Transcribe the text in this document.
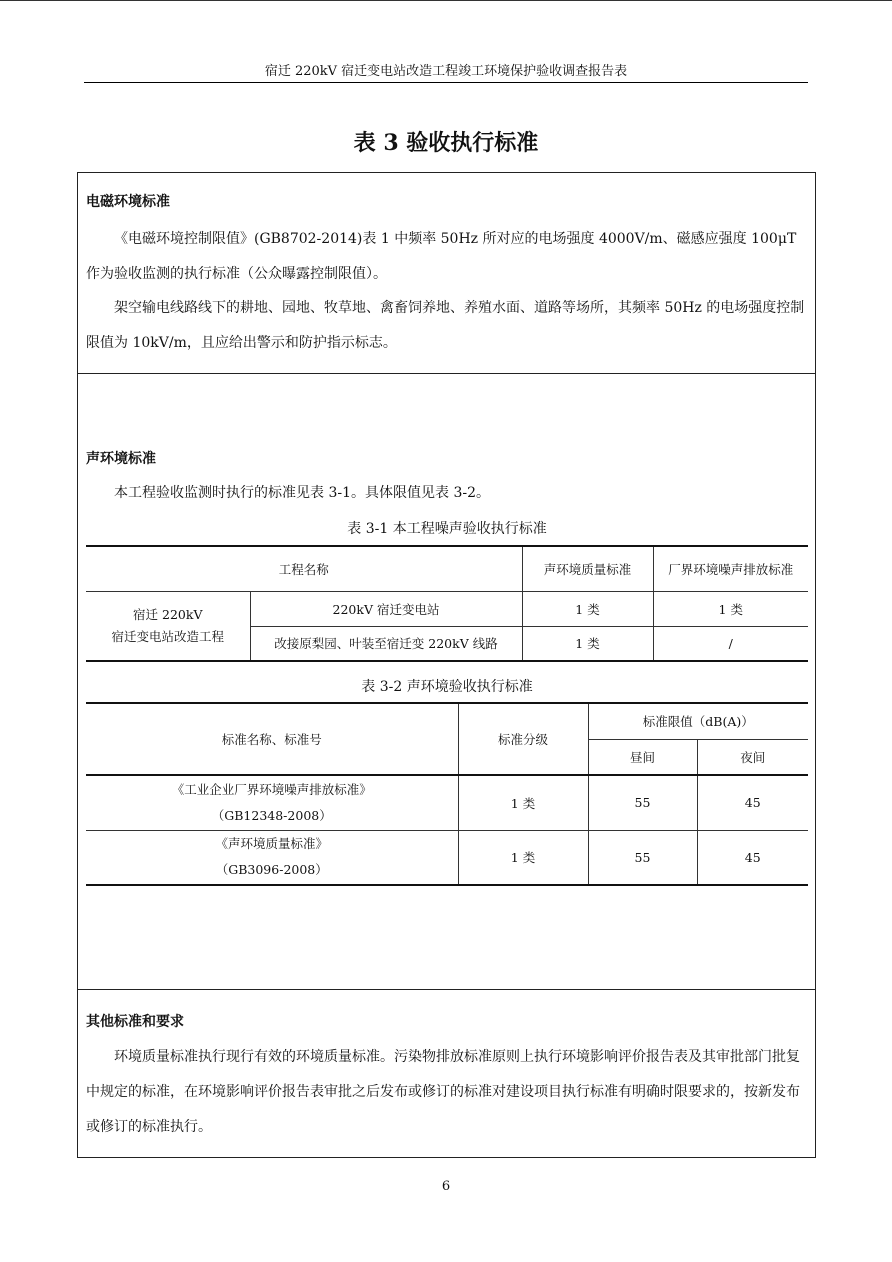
宿迁 220kV 宿迁变电站改造工程竣工环境保护验收调查报告表
表 3 验收执行标准
电磁环境标准

《电磁环境控制限值》(GB8702-2014)表 1 中频率 50Hz 所对应的电场强度 4000V/m、磁感应强度 100μT 作为验收监测的执行标准（公众曝露控制限值）。

架空输电线路线下的耕地、园地、牧草地、禽畜饲养地、养殖水面、道路等场所，其频率 50Hz 的电场强度控制限值为 10kV/m，且应给出警示和防护指示标志。

声环境标准

本工程验收监测时执行的标准见表 3-1。具体限值见表 3-2。

表 3-1 本工程噪声验收执行标准
工程名称		声环境质量标准	厂界环境噪声排放标准

宿迁 220kV
宿迁变电站改造工程	220kV 宿迁变电站	1 类	1 类
	改接原梨园、叶装至宿迁变 220kV 线路	1 类	/
表 3-2 声环境验收执行标准
标准名称、标准号	标准分级	标准限值（dB(A)）	
		昼间	夜间

《工业企业厂界环境噪声排放标准》
（GB12348-2008）	1 类	55	45

《声环境质量标准》
（GB3096-2008）	1 类	55	45
其他标准和要求

环境质量标准执行现行有效的环境质量标准。污染物排放标准原则上执行环境影响评价报告表及其审批部门批复中规定的标准，在环境影响评价报告表审批之后发布或修订的标准对建设项目执行标准有明确时限要求的，按新发布或修订的标准执行。

6
